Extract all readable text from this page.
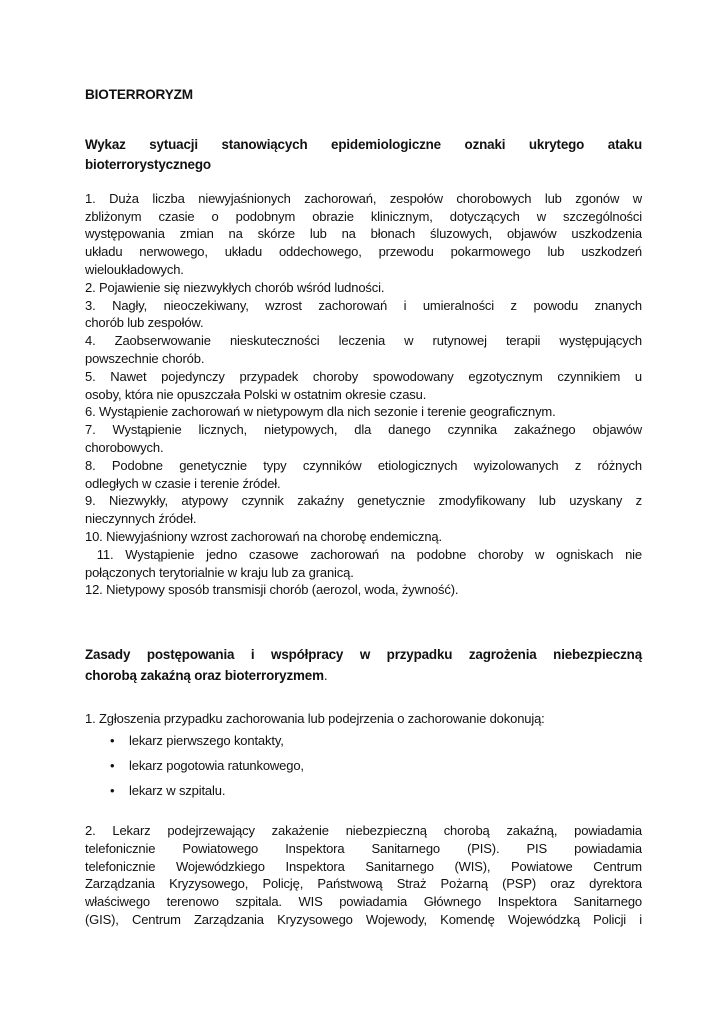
BIOTERRORYZM
Wykaz sytuacji stanowiących epidemiologiczne oznaki ukrytego ataku
bioterrorystycznego
1. Duża liczba niewyjaśnionych zachorowań, zespołów chorobowych lub zgonów w
zbliżonym czasie o podobnym obrazie klinicznym, dotyczących w szczególności
występowania zmian na skórze lub na błonach śluzowych, objawów uszkodzenia
układu nerwowego, układu oddechowego, przewodu pokarmowego lub uszkodzeń
wieloukładowych.
2. Pojawienie się niezwykłych chorób wśród ludności.
3. Nagły, nieoczekiwany, wzrost zachorowań i umieralności z powodu znanych
chorób lub zespołów.
4. Zaobserwowanie nieskuteczności leczenia w rutynowej terapii występujących
powszechnie chorób.
5. Nawet pojedynczy przypadek choroby spowodowany egzotycznym czynnikiem u
osoby, która nie opuszczała Polski w ostatnim okresie czasu.
6. Wystąpienie zachorowań w nietypowym dla nich sezonie i terenie geograficznym.
7. Wystąpienie licznych, nietypowych, dla danego czynnika zakaźnego objawów
chorobowych.
8. Podobne genetycznie typy czynników etiologicznych wyizolowanych z różnych
odległych w czasie i terenie źródeł.
9. Niezwykły, atypowy czynnik zakaźny genetycznie zmodyfikowany lub uzyskany z
nieczynnych źródeł.
10. Niewyjaśniony wzrost zachorowań na chorobę endemiczną.
11. Wystąpienie jedno czasowe zachorowań na podobne choroby w ogniskach nie
połączonych terytorialnie w kraju lub za granicą.
12. Nietypowy sposób transmisji chorób (aerozol, woda, żywność).
Zasady postępowania i współpracy w przypadku zagrożenia niebezpieczną
chorobą zakaźną oraz bioterroryzmem.
1. Zgłoszenia przypadku zachorowania lub podejrzenia o zachorowanie dokonują:
• lekarz pierwszego kontakty,
• lekarz pogotowia ratunkowego,
• lekarz w szpitalu.
2. Lekarz podejrzewający zakażenie niebezpieczną chorobą zakaźną, powiadamia
telefonicznie Powiatowego Inspektora Sanitarnego (PIS). PIS powiadamia
telefonicznie Wojewódzkiego Inspektora Sanitarnego (WIS), Powiatowe Centrum
Zarządzania Kryzysowego, Policję, Państwową Straż Pożarną (PSP) oraz dyrektora
właściwego terenowo szpitala. WIS powiadamia Głównego Inspektora Sanitarnego
(GIS), Centrum Zarządzania Kryzysowego Wojewody, Komendę Wojewódzką Policji i
